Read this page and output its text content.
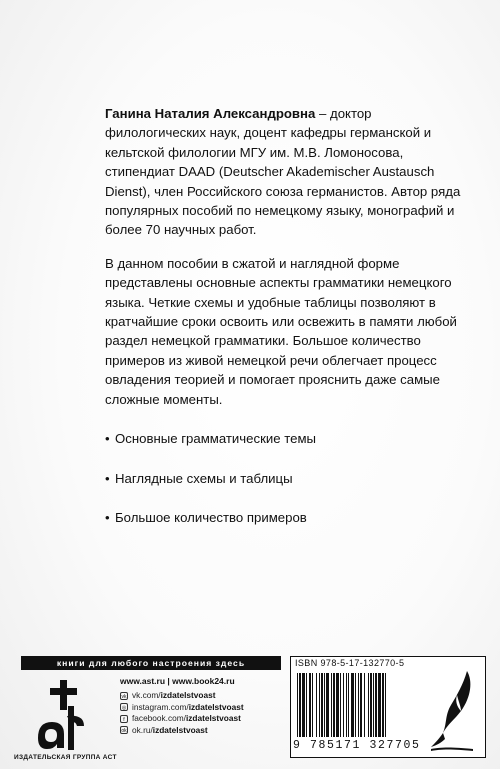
Ганина Наталия Александровна – доктор филологических наук, доцент кафедры германской и кельтской филологии МГУ им. М.В. Ломоносова, стипендиат DAAD (Deutscher Akademischer Austausch Dienst), член Российского союза германистов. Автор ряда популярных пособий по немецкому языку, монографий и более 70 научных работ.

В данном пособии в сжатой и наглядной форме представлены основные аспекты грамматики немецкого языка. Четкие схемы и удобные таблицы позволяют в кратчайшие сроки освоить или освежить в памяти любой раздел немецкой грамматики. Большое количество примеров из живой немецкой речи облегчает процесс овладения теорией и помогает прояснить даже самые сложные моменты.

• Основные грамматические темы
• Наглядные схемы и таблицы
• Большое количество примеров
книги для любого настроения здесь
ИЗДАТЕЛЬСКАЯ ГРУППА АСТ
www.ast.ru | www.book24.ru
vk vk.com/ izdatelstvoast
◎ instagram.com/ izdatelstvoast
f facebook.com/ izdatelstvoast
ok ok.ru/ izdatelstvoast
ISBN 978-5-17-132770-5
9 785171 327705
